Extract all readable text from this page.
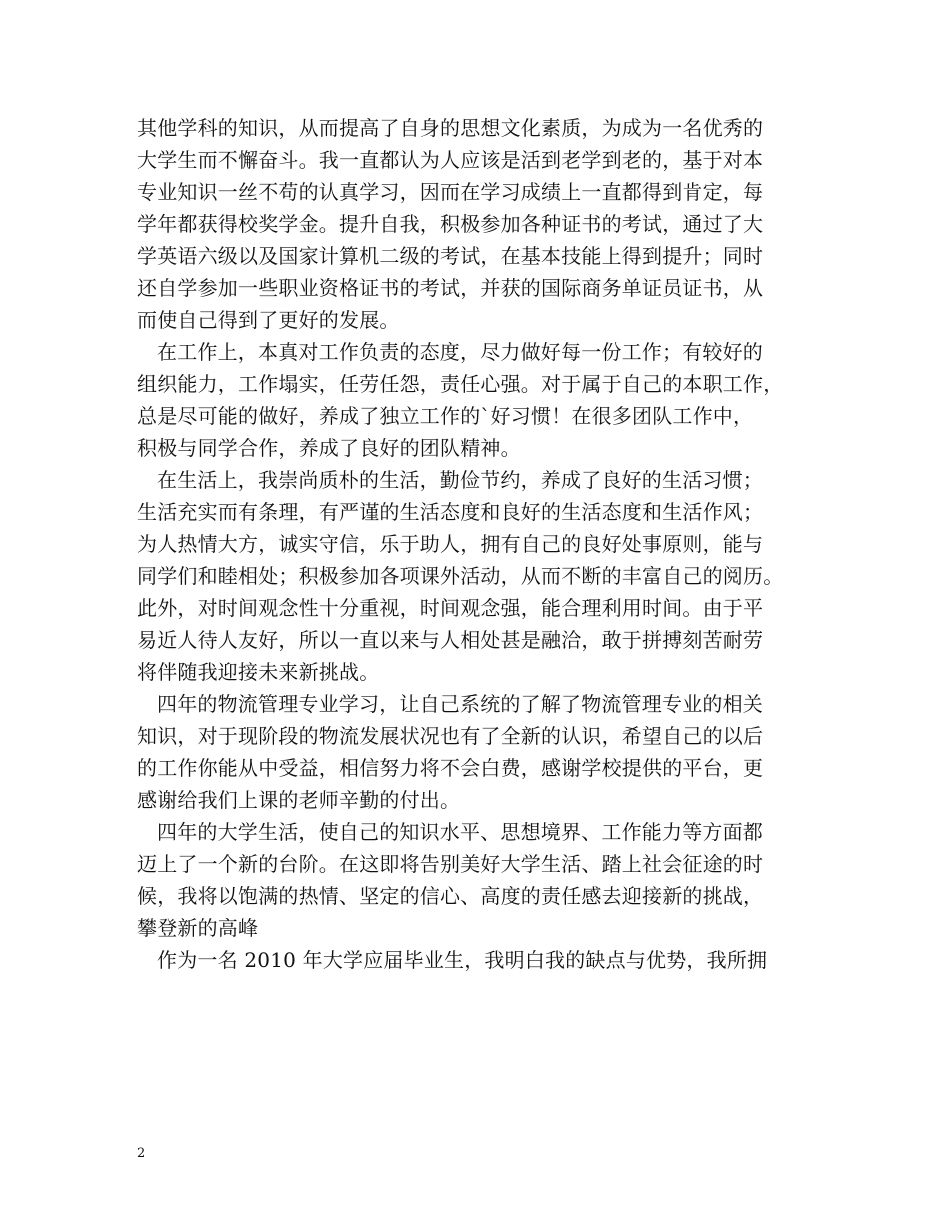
其他学科的知识，从而提高了自身的思想文化素质，为成为一名优秀的
大学生而不懈奋斗。我一直都认为人应该是活到老学到老的，基于对本
专业知识一丝不苟的认真学习，因而在学习成绩上一直都得到肯定，每
学年都获得校奖学金。提升自我，积极参加各种证书的考试，通过了大
学英语六级以及国家计算机二级的考试，在基本技能上得到提升；同时
还自学参加一些职业资格证书的考试，并获的国际商务单证员证书，从
而使自己得到了更好的发展。
在工作上，本真对工作负责的态度，尽力做好每一份工作；有较好的
组织能力，工作塌实，任劳任怨，责任心强。对于属于自己的本职工作，
总是尽可能的做好，养成了独立工作的`好习惯！在很多团队工作中，
积极与同学合作，养成了良好的团队精神。
在生活上，我崇尚质朴的生活，勤俭节约，养成了良好的生活习惯；
生活充实而有条理，有严谨的生活态度和良好的生活态度和生活作风；
为人热情大方，诚实守信，乐于助人，拥有自己的良好处事原则，能与
同学们和睦相处；积极参加各项课外活动，从而不断的丰富自己的阅历。
此外，对时间观念性十分重视，时间观念强，能合理利用时间。由于平
易近人待人友好，所以一直以来与人相处甚是融洽，敢于拼搏刻苦耐劳
将伴随我迎接未来新挑战。
四年的物流管理专业学习，让自己系统的了解了物流管理专业的相关
知识，对于现阶段的物流发展状况也有了全新的认识，希望自己的以后
的工作你能从中受益，相信努力将不会白费，感谢学校提供的平台，更
感谢给我们上课的老师辛勤的付出。
四年的大学生活，使自己的知识水平、思想境界、工作能力等方面都
迈上了一个新的台阶。在这即将告别美好大学生活、踏上社会征途的时
候，我将以饱满的热情、坚定的信心、高度的责任感去迎接新的挑战，
攀登新的高峰
作为一名 2010 年大学应届毕业生，我明白我的缺点与优势，我所拥
2
